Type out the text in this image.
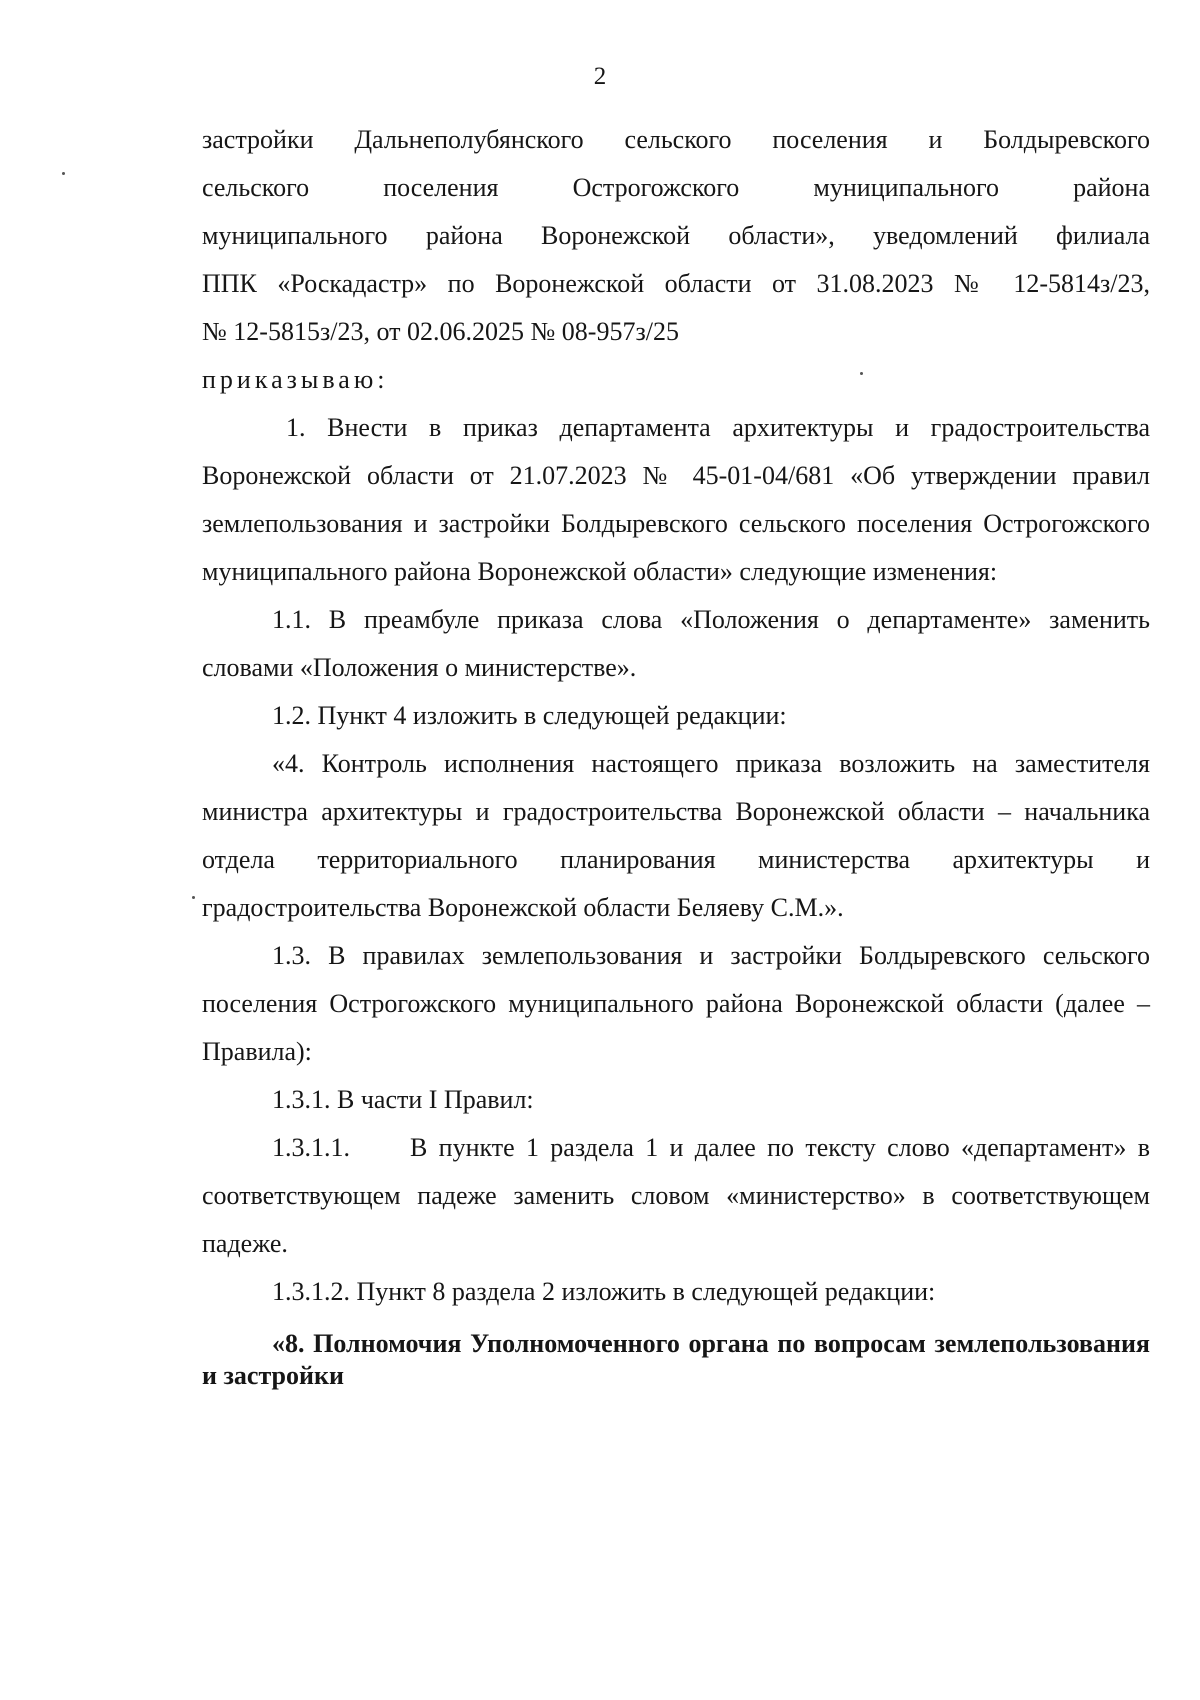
2
застройки Дальнеполубянского сельского поселения и Болдыревского
сельского поселения Острогожского муниципального района
муниципального района Воронежской области», уведомлений филиала
ППК «Роскадастр» по Воронежской области от 31.08.2023 № 12-5814з/23,
№ 12-5815з/23, от 02.06.2025 № 08-957з/25

приказываю:

1. Внести в приказ департамента архитектуры и градостроительства Воронежской области от 21.07.2023 № 45-01-04/681 «Об утверждении правил землепользования и застройки Болдыревского сельского поселения Острогожского муниципального района Воронежской области» следующие изменения:

1.1. В преамбуле приказа слова «Положения о департаменте» заменить словами «Положения о министерстве».

1.2. Пункт 4 изложить в следующей редакции:

«4. Контроль исполнения настоящего приказа возложить на заместителя министра архитектуры и градостроительства Воронежской области – начальника отдела территориального планирования министерства архитектуры и градостроительства Воронежской области Беляеву С.М.».

1.3. В правилах землепользования и застройки Болдыревского сельского поселения Острогожского муниципального района Воронежской области (далее – Правила):

1.3.1. В части I Правил:

1.3.1.1. В пункте 1 раздела 1 и далее по тексту слово «департамент» в соответствующем падеже заменить словом «министерство» в соответствующем падеже.

1.3.1.2. Пункт 8 раздела 2 изложить в следующей редакции:

«8. Полномочия Уполномоченного органа по вопросам землепользования и застройки
